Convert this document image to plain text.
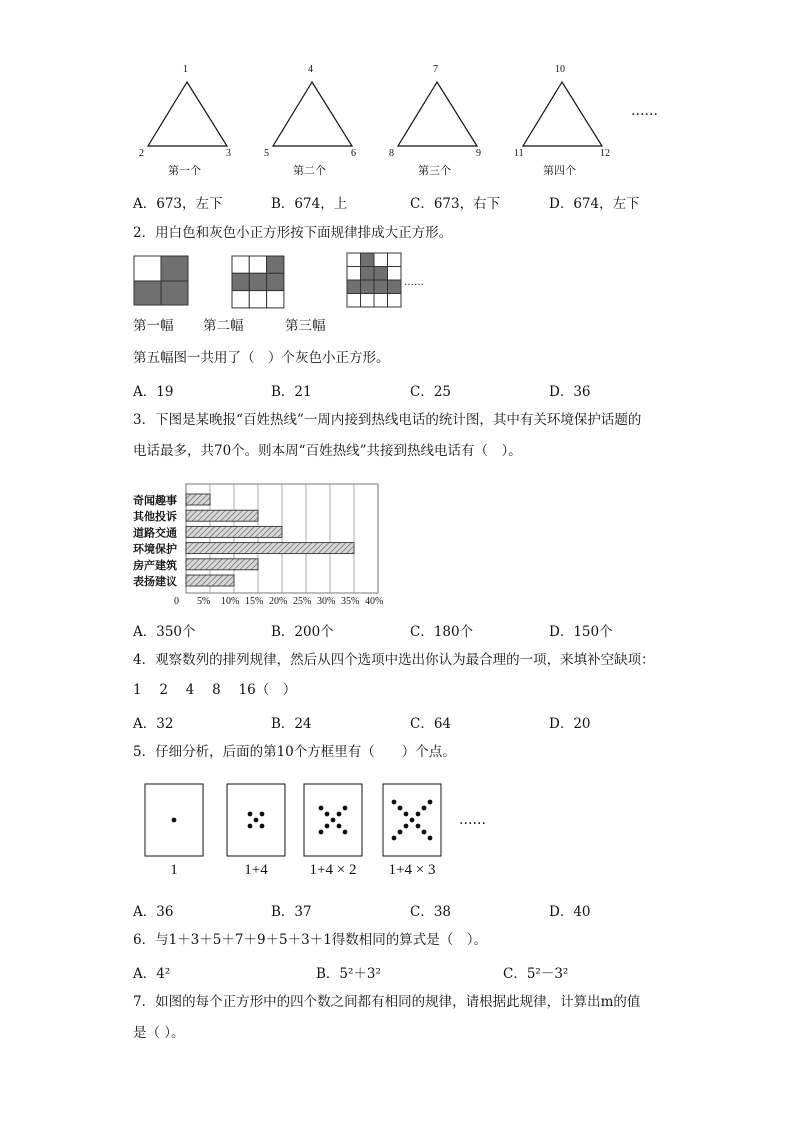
1
2	3
第一个
4
5	6
第二个
7
8	9
第三个
10
11	12
第四个
……
A．673，左下	B．674，上	C．673，右下	D．674，左下
2．用白色和灰色小正方形按下面规律排成大正方形。
……
第一幅 第二幅	第三幅
第五幅图一共用了（　）个灰色小正方形。
A．19	B．21	C．25	D．36
3．下图是某晚报“百姓热线”一周内接到热线电话的统计图，其中有关环境保护话题的
电话最多，共70个。则本周“百姓热线”共接到热线电话有（　）。
奇闻趣事
其他投诉
道路交通
环境保护
房产建筑
表扬建议
0 5% 10% 15% 20% 25% 30% 35% 40%
A．350个	B．200个	C．180个	D．150个
4．观察数列的排列规律，然后从四个选项中选出你认为最合理的一项，来填补空缺项：
1　 2　 4　 8　 16（　）
A．32	B．24	C．64	D．20
5．仔细分析，后面的第10个方框里有（　　）个点。
……
1	1+4	1+4 × 2	1+4 × 3
A．36	B．37	C．38	D．40
6．与1＋3＋5＋7＋9＋5＋3＋1得数相同的算式是（　）。
A．4²	B．5²＋3²	C．5²－3²
7．如图的每个正方形中的四个数之间都有相同的规律，请根据此规律，计算出m的值
是（ ）。
